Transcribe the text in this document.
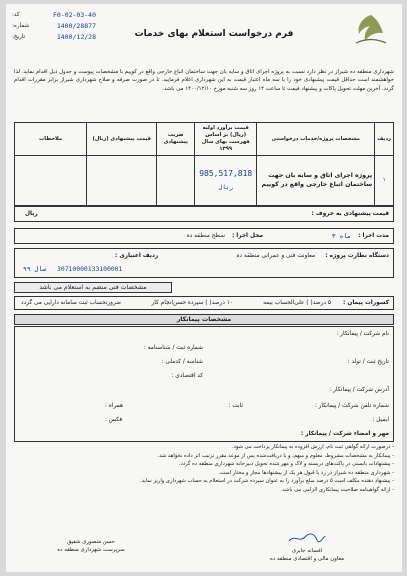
فرم درخواست استعلام بهای خدمات
F0-02-03-40
کد:
1400/28877
شماره:
1400/12/28
تاریخ:
شهرداری منطقه ده شیراز در نظر دارد نسبت به پروژه اجرای اتاق و سایه بان جهت ساختمان اتباع خارجی واقع در کوییم با مشخصات پیوست و جدول ذیل اقدام نماید. لذا خواهشمند است حداقل قیمت پیشنهادی خود را با سه ماه اعتبار قیمت به این شهرداری اعلام فرمایید. تا در صورت صرفه و صلاح شهرداری شیراز برابر مقررات اقدام گردد. آخرین مهلت تحویل پاکات و پیشنهاد قیمت تا ساعت ۱۴ روز سه شنبه مورخ ۱۴۰۰/۱۲/۱۰ می باشد.
ردیف	مشخصات پروژه/خدمات درخواستی	قیمت برآورد اولیه (ریال) بر اساس فهرست بهای سال ۱۳۹۹	ضریب پیشنهادی	قیمت پیشنهادی (ریال)	ملاحظات
۱	پروژه اجرای اتاق و سایه بان جهت ساختمان اتباع خارجی واقع در کوییم	985,517,818
ریال			

قیمت پیشنهادی به حروف :
ریال
مدت اجرا :
۳ ماه
محل اجرا :
سطح منطقه ده
دستگاه نظارت پروژه :
معاونت فنی و عمرانی منطقه ده
ردیف اعتباری :
30710000133100001
سال ۹۹
مشخصات فنی منضم به استعلام می باشد
کسورات پیمان :
۵ درصد( ) علی‌الحساب بیمه
۱۰ درصد( ) سپرده حسن‌انجام کار
ضرورتحساب ثبت سامانه دارایی می گردد
مشخصات پیمانکار
نام شرکت / پیمانکار :
شماره ثبت / شناسنامه :
تاریخ ثبت / تولد :
شناسه / کدملی :
کد اقتصادی :
آدرس شرکت / پیمانکار :
شماره تلفن شرکت / پیمانکار :
ثابت :
همراه :
ایمیل :
فکس :
مهر و امضاء شرکت / پیمانکار :

- درصورت ارائه گواهی ثبت نام، ارزش افزوده به پیمانکار پرداخت می شود.

- پیمانکار به مشخصات مشروط، معلوم و مبهم، و یا دریافت‌شده پس از موعد مقرر ترتیب اثر داده نخواهد شد.

- پیشنهادات بایستی در پاکت‌های دربسته و لاک و مهر شده تحویل دبیرخانه شهرداری منطقه ده گردد.

- شهرداری منطقه ده شیراز در رد یا قبول هر یک از پیشنهادها مجاز و مختار است.

- پیشنهاد دهنده مکلف است ۵ درصد مبلغ برآورد را به عنوان سپرده شرکت در استعلام به حساب شهرداری واریز نماید.

- ارائه گواهینامه صلاحیت پیمانکاری الزامی می باشد.

افسانه جابری
معاون مالی و اقتصادی منطقه ده
حسن منصوری شفیق
سرپرست شهرداری منطقه ده
